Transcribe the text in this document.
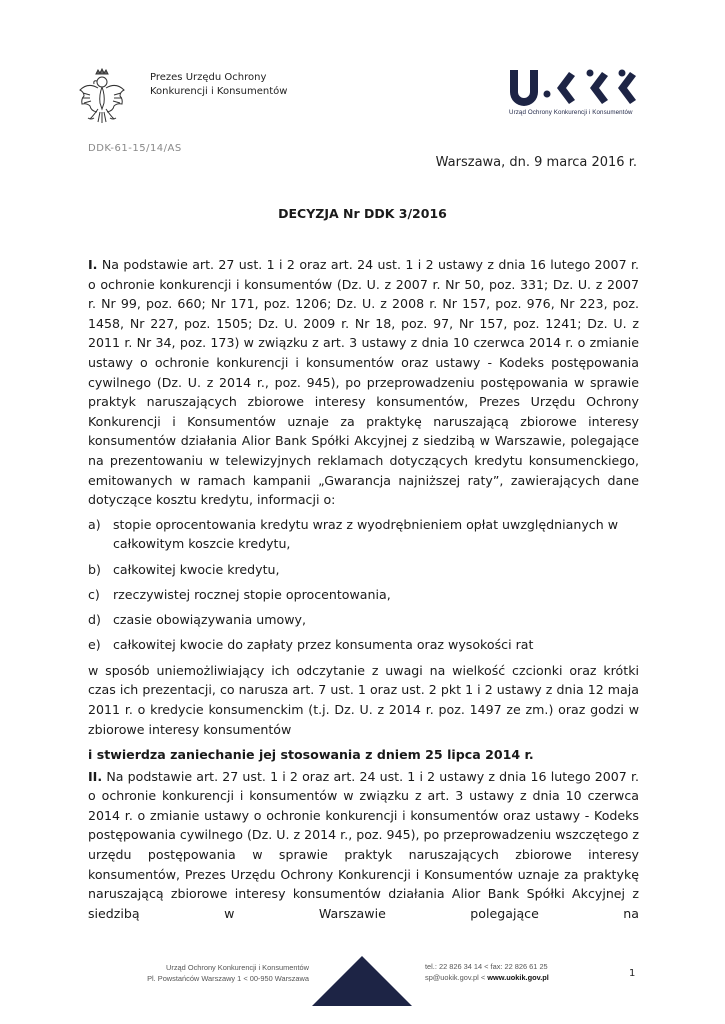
Prezes Urzędu Ochrony
Konkurencji i Konsumentów
Urząd Ochrony Konkurencji i Konsumentów
DDK-61-15/14/AS
Warszawa, dn. 9 marca 2016 r.
DECYZJA Nr DDK 3/2016

I. Na podstawie art. 27 ust. 1 i 2 oraz art. 24 ust. 1 i 2 ustawy z dnia 16 lutego 2007 r. o ochronie konkurencji i konsumentów (Dz. U. z 2007 r. Nr 50, poz. 331; Dz. U. z 2007 r. Nr 99, poz. 660; Nr 171, poz. 1206; Dz. U. z 2008 r. Nr 157, poz. 976, Nr 223, poz. 1458, Nr 227, poz. 1505; Dz. U. 2009 r. Nr 18, poz. 97, Nr 157, poz. 1241; Dz. U. z 2011 r. Nr 34, poz. 173) w związku z art. 3 ustawy z dnia 10 czerwca 2014 r. o zmianie ustawy o ochronie konkurencji i konsumentów oraz ustawy - Kodeks postępowania cywilnego (Dz. U. z 2014 r., poz. 945), po przeprowadzeniu postępowania w sprawie praktyk naruszających zbiorowe interesy konsumentów, Prezes Urzędu Ochrony Konkurencji i Konsumentów uznaje za praktykę naruszającą zbiorowe interesy konsumentów działania Alior Bank Spółki Akcyjnej z siedzibą w Warszawie, polegające na prezentowaniu w telewizyjnych reklamach dotyczących kredytu konsumenckiego, emitowanych w ramach kampanii „Gwarancja najniższej raty”, zawierających dane dotyczące kosztu kredytu, informacji o:

a) stopie oprocentowania kredytu wraz z wyodrębnieniem opłat uwzględnianych w całkowitym koszcie kredytu,
b) całkowitej kwocie kredytu,
c)	rzeczywistej rocznej stopie oprocentowania,
d) czasie obowiązywania umowy,
e) całkowitej kwocie do zapłaty przez konsumenta oraz wysokości rat

w sposób uniemożliwiający ich odczytanie z uwagi na wielkość czcionki oraz krótki czas ich prezentacji, co narusza art. 7 ust. 1 oraz ust. 2 pkt 1 i 2 ustawy z dnia 12 maja 2011 r. o kredycie konsumenckim (t.j. Dz. U. z 2014 r. poz. 1497 ze zm.) oraz godzi w zbiorowe interesy konsumentów

i stwierdza zaniechanie jej stosowania z dniem 25 lipca 2014 r.

II. Na podstawie art. 27 ust. 1 i 2 oraz art. 24 ust. 1 i 2 ustawy z dnia 16 lutego 2007 r. o ochronie konkurencji i konsumentów w związku z art. 3 ustawy z dnia 10 czerwca 2014 r. o zmianie ustawy o ochronie konkurencji i konsumentów oraz ustawy - Kodeks postępowania cywilnego (Dz. U. z 2014 r., poz. 945), po przeprowadzeniu wszczętego z urzędu postępowania w sprawie praktyk naruszających zbiorowe interesy konsumentów, Prezes Urzędu Ochrony Konkurencji i Konsumentów uznaje za praktykę naruszającą zbiorowe interesy konsumentów działania Alior Bank Spółki Akcyjnej z siedzibą w Warszawie polegające na

Urząd Ochrony Konkurencji i Konsumentów
Pl. Powstańców Warszawy 1 < 00-950 Warszawa
tel.: 22 826 34 14 < fax: 22 826 61 25
sp@uokik.gov.pl < www.uokik.gov.pl	1
